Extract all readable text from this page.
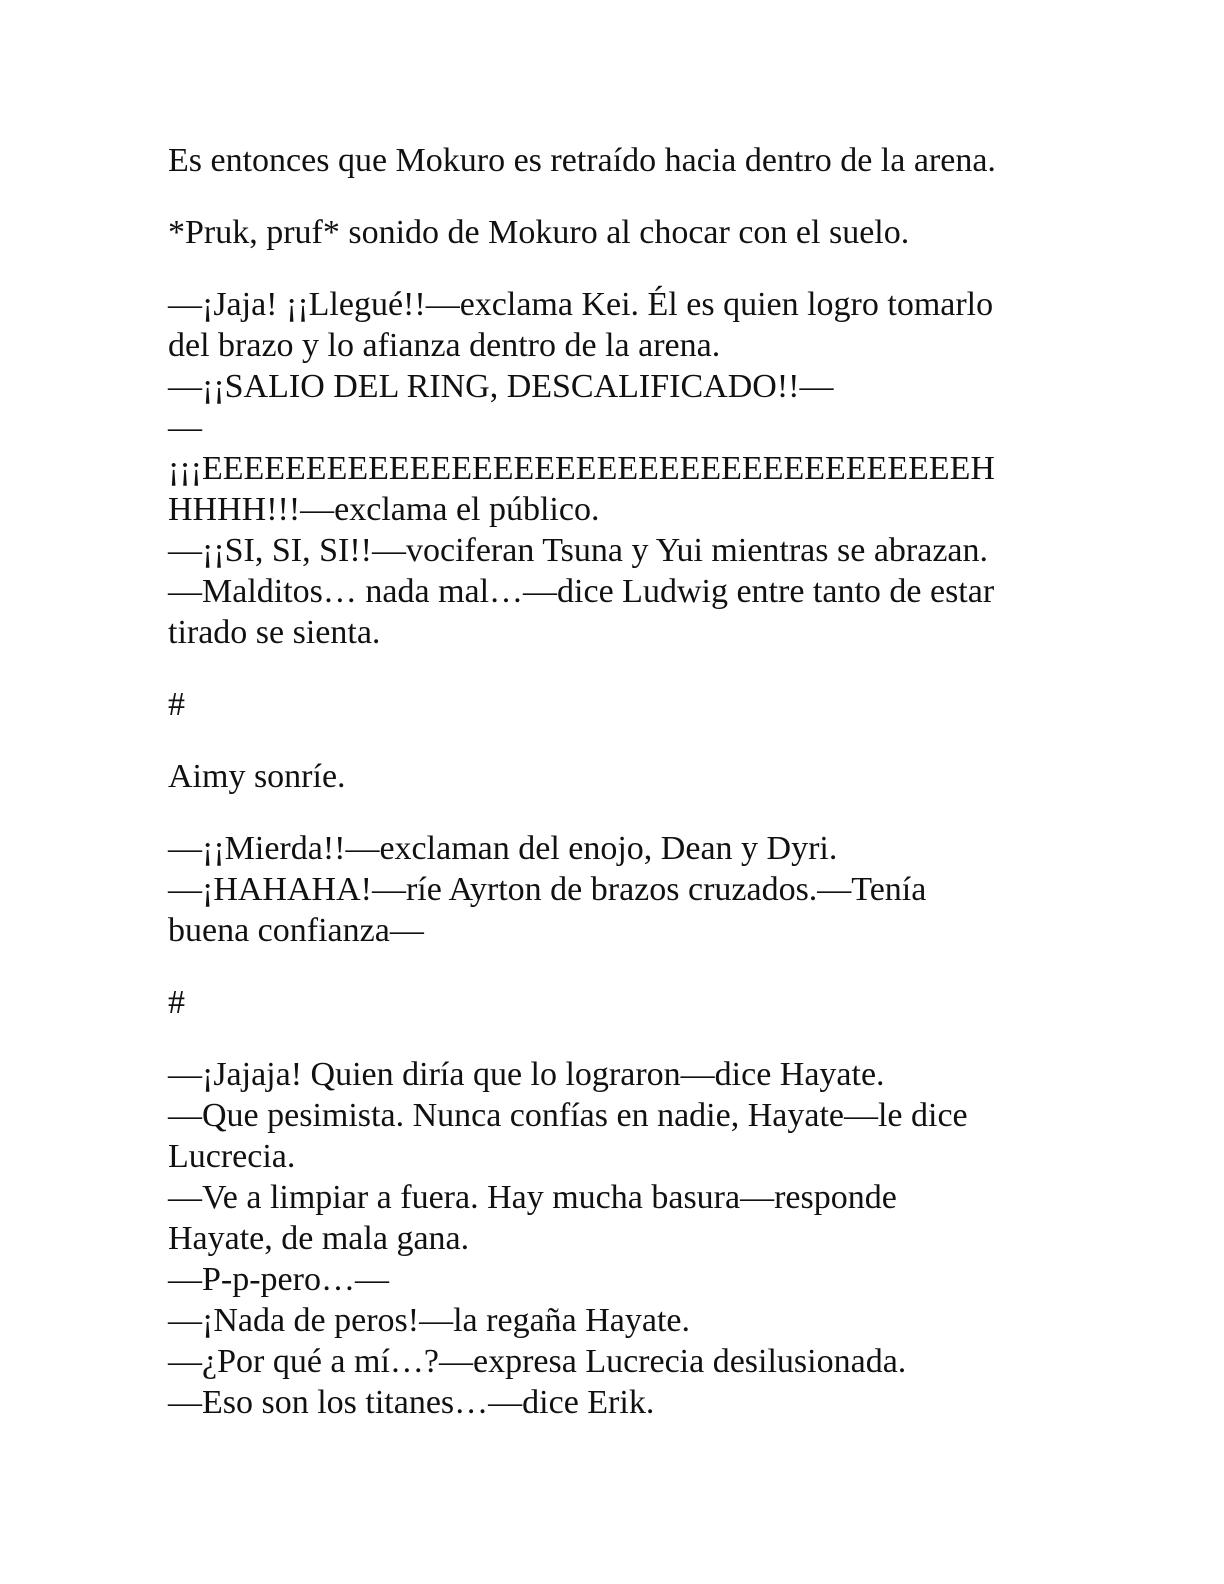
Es entonces que Mokuro es retraído hacia dentro de la arena.

*Pruk, pruf* sonido de Mokuro al chocar con el suelo.

—¡Jaja! ¡¡Llegué!!—exclama Kei. Él es quien logro tomarlo
del brazo y lo afianza dentro de la arena.
—¡¡SALIO DEL RING, DESCALIFICADO!!—
—
¡¡¡EEEEEEEEEEEEEEEEEEEEEEEEEEEEEEEEEEEEEH
HHHH!!!—exclama el público.
—¡¡SI, SI, SI!!—vociferan Tsuna y Yui mientras se abrazan.
—Malditos… nada mal…—dice Ludwig entre tanto de estar
tirado se sienta.

#

Aimy sonríe.

—¡¡Mierda!!—exclaman del enojo, Dean y Dyri.
—¡HAHAHA!—ríe Ayrton de brazos cruzados.—Tenía
buena confianza—

#

—¡Jajaja! Quien diría que lo lograron—dice Hayate.
—Que pesimista. Nunca confías en nadie, Hayate—le dice
Lucrecia.
—Ve a limpiar a fuera. Hay mucha basura—responde
Hayate, de mala gana.
—P-p-pero…—
—¡Nada de peros!—la regaña Hayate.
—¿Por qué a mí…?—expresa Lucrecia desilusionada.
—Eso son los titanes…—dice Erik.
